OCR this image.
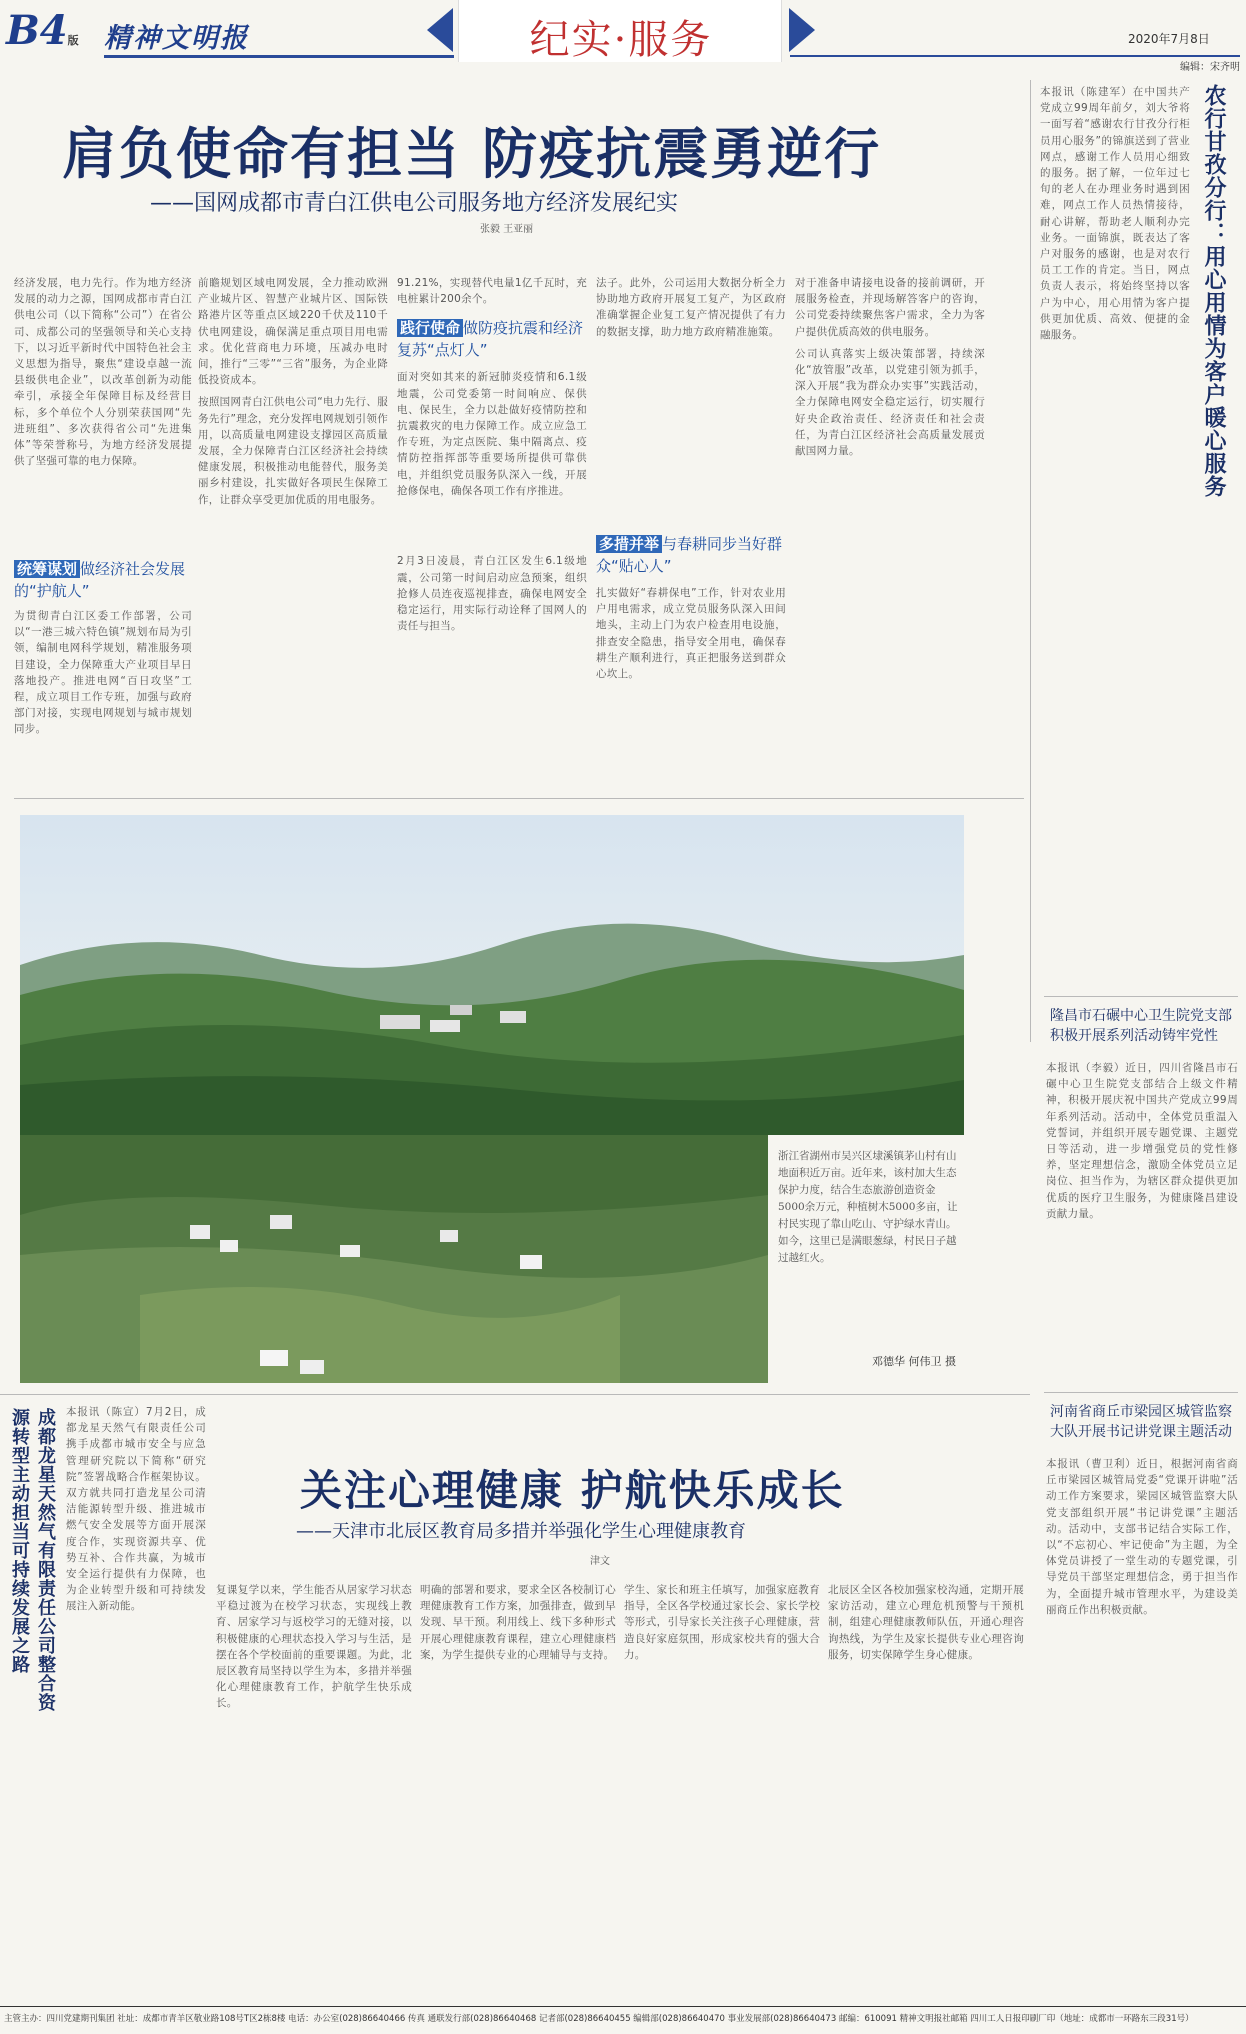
B4版 精神文明报	纪实·服务	2020年7月8日
编辑：宋齐明
肩负使命有担当 防疫抗震勇逆行
——国网成都市青白江供电公司服务地方经济发展纪实
张毅 王亚丽
经济发展，电力先行。作为地方经济发展的动力之源，国网成都市青白江供电公司（以下简称“公司”）在省公司、成都公司的坚强领导和关心支持下，以习近平新时代中国特色社会主义思想为指导，聚焦“建设卓越一流县级供电企业”，以改革创新为动能牵引，承接全年保障目标及经营目标，多个单位个人分别荣获国网“先进班组”、多次获得省公司“先进集体”等荣誉称号，为地方经济发展提供了坚强可靠的电力保障。
统筹谋划 做经济社会发展的“护航人”
为贯彻青白江区委工作部署，公司以“一港三城六特色镇”规划布局为引领，编制电网科学规划，精准服务项目建设，全力保障重大产业项目早日落地投产。推进电网“百日攻坚”工程，成立项目工作专班，加强与政府部门对接，实现电网规划与城市规划同步。
前瞻规划区域电网发展，全力推动欧洲产业城片区、智慧产业城片区、国际铁路港片区等重点区域220千伏及110千伏电网建设，确保满足重点项目用电需求。优化营商电力环境，压减办电时间，推行“三零”“三省”服务，为企业降低投资成本。
按照国网青白江供电公司“电力先行、服务先行”理念，充分发挥电网规划引领作用，以高质量电网建设支撑园区高质量发展，全力保障青白江区经济社会持续健康发展，积极推动电能替代，服务美丽乡村建设，扎实做好各项民生保障工作，让群众享受更加优质的用电服务。
91.21%，实现替代电量1亿千瓦时，充电桩累计200余个。
践行使命 做防疫抗震和经济复苏“点灯人”
面对突如其来的新冠肺炎疫情和6.1级地震，公司党委第一时间响应、保供电、保民生，全力以赴做好疫情防控和抗震救灾的电力保障工作。成立应急工作专班，为定点医院、集中隔离点、疫情防控指挥部等重要场所提供可靠供电，并组织党员服务队深入一线，开展抢修保电，确保各项工作有序推进。
2月3日凌晨，青白江区发生6.1级地震，公司第一时间启动应急预案，组织抢修人员连夜巡视排查，确保电网安全稳定运行，用实际行动诠释了国网人的责任与担当。
法子。此外，公司运用大数据分析全力协助地方政府开展复工复产，为区政府准确掌握企业复工复产情况提供了有力的数据支撑，助力地方政府精准施策。
多措并举 与春耕同步当好群众“贴心人”
扎实做好“春耕保电”工作，针对农业用户用电需求，成立党员服务队深入田间地头，主动上门为农户检查用电设施，排查安全隐患，指导安全用电，确保春耕生产顺利进行，真正把服务送到群众心坎上。
对于准备申请接电设备的接前调研，开展服务检查，并现场解答客户的咨询，公司党委持续聚焦客户需求，全力为客户提供优质高效的供电服务。
公司认真落实上级决策部署，持续深化“放管服”改革，以党建引领为抓手，深入开展“我为群众办实事”实践活动，全力保障电网安全稳定运行，切实履行好央企政治责任、经济责任和社会责任，为青白江区经济社会高质量发展贡献国网力量。	农行甘孜分行：用心用情为客户暖心服务
本报讯（陈建军）在中国共产党成立99周年前夕，刘大爷将一面写着“感谢农行甘孜分行柜员用心服务”的锦旗送到了营业网点，感谢工作人员用心细致的服务。据了解，一位年过七旬的老人在办理业务时遇到困难，网点工作人员热情接待，耐心讲解，帮助老人顺利办完业务。一面锦旗，既表达了客户对服务的感谢，也是对农行员工工作的肯定。当日，网点负责人表示，将始终坚持以客户为中心，用心用情为客户提供更加优质、高效、便捷的金融服务。
浙江省湖州市吴兴区埭溪镇茅山村有山地面积近万亩。近年来，该村加大生态保护力度，结合生态旅游创造资金5000余万元，种植树木5000多亩，让村民实现了靠山吃山、守护绿水青山。如今，这里已是满眼葱绿，村民日子越过越红火。
邓德华 何伟卫 摄
隆昌市石碾中心卫生院党支部积极开展系列活动铸牢党性
本报讯（李毅）近日，四川省隆昌市石碾中心卫生院党支部结合上级文件精神，积极开展庆祝中国共产党成立99周年系列活动。活动中，全体党员重温入党誓词，并组织开展专题党课、主题党日等活动，进一步增强党员的党性修养，坚定理想信念，激励全体党员立足岗位、担当作为，为辖区群众提供更加优质的医疗卫生服务，为健康隆昌建设贡献力量。
河南省商丘市梁园区城管监察大队开展书记讲党课主题活动
本报讯（曹卫利）近日，根据河南省商丘市梁园区城管局党委“党课开讲啦”活动工作方案要求，梁园区城管监察大队党支部组织开展“书记讲党课”主题活动。活动中，支部书记结合实际工作，以“不忘初心、牢记使命”为主题，为全体党员讲授了一堂生动的专题党课，引导党员干部坚定理想信念，勇于担当作为，全面提升城市管理水平，为建设美丽商丘作出积极贡献。
成都龙星天然气有限责任公司整合资源转型主动担当可持续发展之路	本报讯（陈宣）7月2日，成都龙星天然气有限责任公司携手成都市城市安全与应急管理研究院以下简称“研究院”签署战略合作框架协议。双方就共同打造龙星公司清洁能源转型升级、推进城市燃气安全发展等方面开展深度合作，实现资源共享、优势互补、合作共赢，为城市安全运行提供有力保障，也为企业转型升级和可持续发展注入新动能。
关注心理健康 护航快乐成长
——天津市北辰区教育局多措并举强化学生心理健康教育
津文
复课复学以来，学生能否从居家学习状态平稳过渡为在校学习状态，实现线上教育、居家学习与返校学习的无缝对接，以积极健康的心理状态投入学习与生活，是摆在各个学校面前的重要课题。为此，北辰区教育局坚持以学生为本，多措并举强化心理健康教育工作，护航学生快乐成长。
明确的部署和要求，要求全区各校制订心理健康教育工作方案，加强排查，做到早发现、早干预。利用线上、线下多种形式开展心理健康教育课程，建立心理健康档案，为学生提供专业的心理辅导与支持。
学生、家长和班主任填写，加强家庭教育指导，全区各学校通过家长会、家长学校等形式，引导家长关注孩子心理健康，营造良好家庭氛围，形成家校共育的强大合力。
北辰区全区各校加强家校沟通，定期开展家访活动，建立心理危机预警与干预机制，组建心理健康教师队伍，开通心理咨询热线，为学生及家长提供专业心理咨询服务，切实保障学生身心健康。
主管主办：四川党建期刊集团 社址：成都市青羊区敬业路108号T区2栋8楼 电话：办公室(028)86640466 传真 通联发行部(028)86640468 记者部(028)86640455 编辑部(028)86640470 事业发展部(028)86640473 邮编：610091 精神文明报社邮箱 四川工人日报印刷厂印（地址：成都市一环路东三段31号）
